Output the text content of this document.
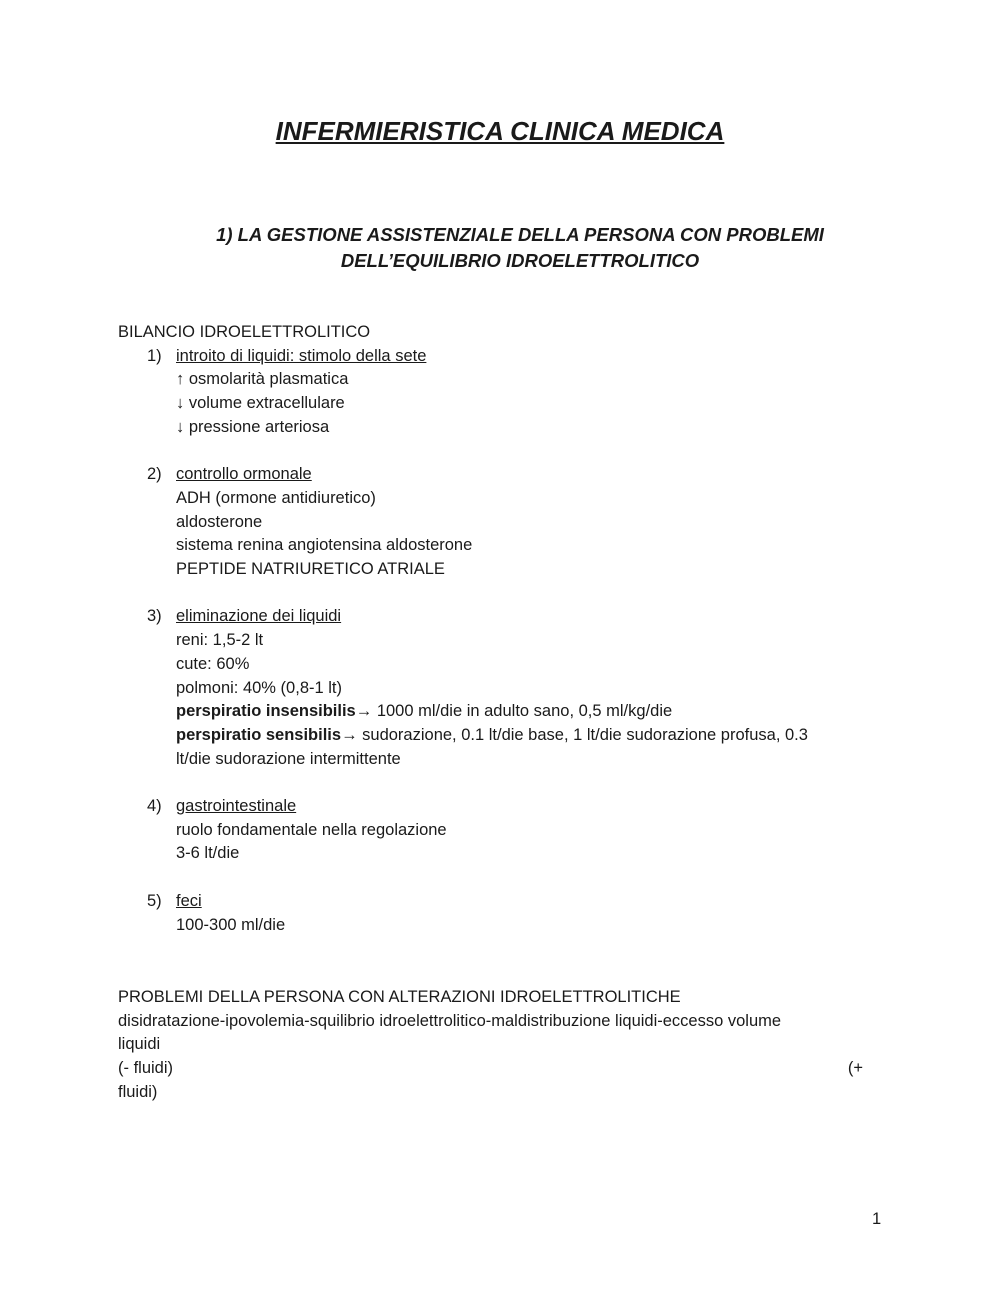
INFERMIERISTICA CLINICA MEDICA
1) LA GESTIONE ASSISTENZIALE DELLA PERSONA CON PROBLEMI
DELL’EQUILIBRIO IDROELETTROLITICO
BILANCIO IDROELETTROLITICO
1) introito di liquidi: stimolo della sete
↑ osmolarità plasmatica
↓ volume extracellulare
↓ pressione arteriosa
2) controllo ormonale
ADH (ormone antidiuretico)
aldosterone
sistema renina angiotensina aldosterone
PEPTIDE NATRIURETICO ATRIALE
3) eliminazione dei liquidi
reni: 1,5-2 lt
cute: 60%
polmoni: 40% (0,8-1 lt)
perspiratio insensibilis→ 1000 ml/die in adulto sano, 0,5 ml/kg/die
perspiratio sensibilis→ sudorazione, 0.1 lt/die base, 1 lt/die sudorazione profusa, 0.3
lt/die sudorazione intermittente
4) gastrointestinale
ruolo fondamentale nella regolazione
3-6 lt/die
5) feci
100-300 ml/die
PROBLEMI DELLA PERSONA CON ALTERAZIONI IDROELETTROLITICHE
disidratazione-ipovolemia-squilibrio idroelettrolitico-maldistribuzione liquidi-eccesso volume
liquidi
(- fluidi)	(+
fluidi)
1
